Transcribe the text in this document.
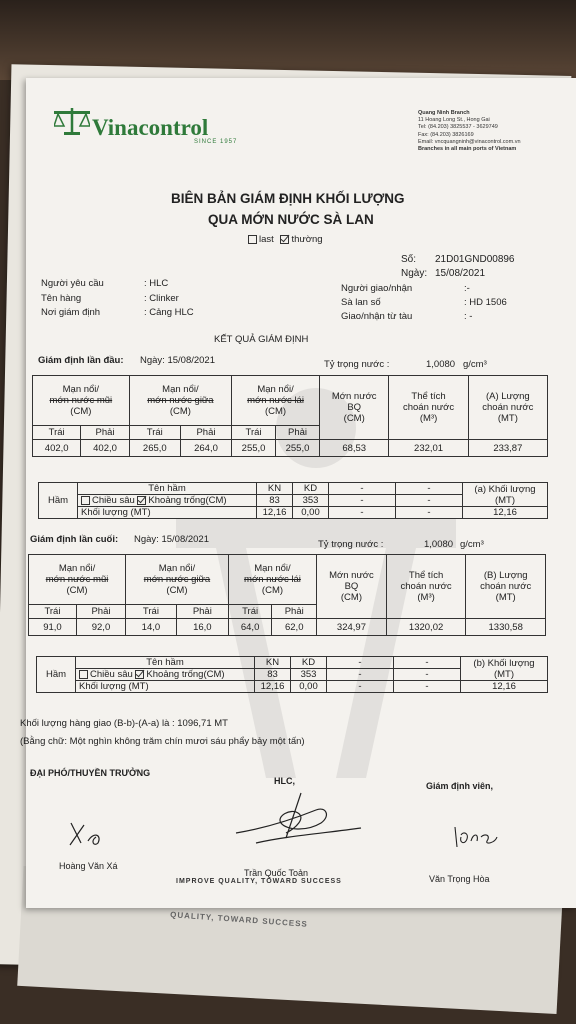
QUALITY, TOWARD SUCCESS
Vinacontrol
SINCE 1957
Quang Ninh Branch
11 Hoang Long St., Hong Gai
Tel: (84.203) 3825537 - 3629749
Fax: (84.203) 3826169
Email: vncquangninh@vinacontrol.com.vn
Branches in all main ports of Vietnam
BIÊN BẢN GIÁM ĐỊNH KHỐI LƯỢNG
QUA MỚN NƯỚC SÀ LAN
last thường
Số: 21D01GND00896
Ngày: 15/08/2021
Người yêu cầu	: HLC
Tên hàng	: Clinker
Nơi giám định	: Cảng HLC
Người giao/nhận	:-
Sà lan số	: HD 1506
Giao/nhận từ tàu	: -
KẾT QUẢ GIÁM ĐỊNH
Giám định lần đầu: Ngày: 15/08/2021	Tỷ trọng nước :	1,0080 g/cm³
Mạn nổi/
mớn nước mũi
(CM)		Mạn nổi/
mớn nước giữa
(CM)		Mạn nổi/
mớn nước lái
(CM)		Mớn nước
BQ
(CM)	Thể tích
choán nước
(M³)	(A) Lượng
choán nước
(MT)
Trái	Phải	Trái	Phải	Trái	Phải			
402,0	402,0	265,0	264,0	255,0	255,0	68,53	232,01	233,87
Hầm	Tên hầm	KN	KD	-	-	(a) Khối lượng
(MT)
	Chiều sâu Khoảng trống(CM)	83	353	-	-	
	Khối lượng (MT)	12,16	0,00	-	-	12,16
Giám định lần cuối: Ngày: 15/08/2021	Tỷ trọng nước :	1,0080 g/cm³
Mạn nổi/
mớn nước mũi
(CM)		Mạn nổi/
mớn nước giữa
(CM)		Mạn nổi/
mớn nước lái
(CM)		Mớn nước
BQ
(CM)	Thể tích
choán nước
(M³)	(B) Lượng
choán nước
(MT)
Trái	Phải	Trái	Phải	Trái	Phải			
91,0	92,0	14,0	16,0	64,0	62,0	324,97	1320,02	1330,58
Hầm	Tên hầm	KN	KD	-	-	(b) Khối lượng
(MT)
	Chiều sâu Khoảng trống(CM)	83	353	-	-	
	Khối lượng (MT)	12,16	0,00	-	-	12,16
Khối lượng hàng giao (B-b)-(A-a) là : 1096,71 MT
(Bằng chữ: Một nghìn không trăm chín mươi sáu phẩy bảy một tấn)
ĐẠI PHÓ/THUYỀN TRƯỞNG
HLC,	Giám định viên,
Hoàng Văn Xá
Trần Quốc Toản
Văn Trọng Hòa
IMPROVE QUALITY, TOWARD SUCCESS
